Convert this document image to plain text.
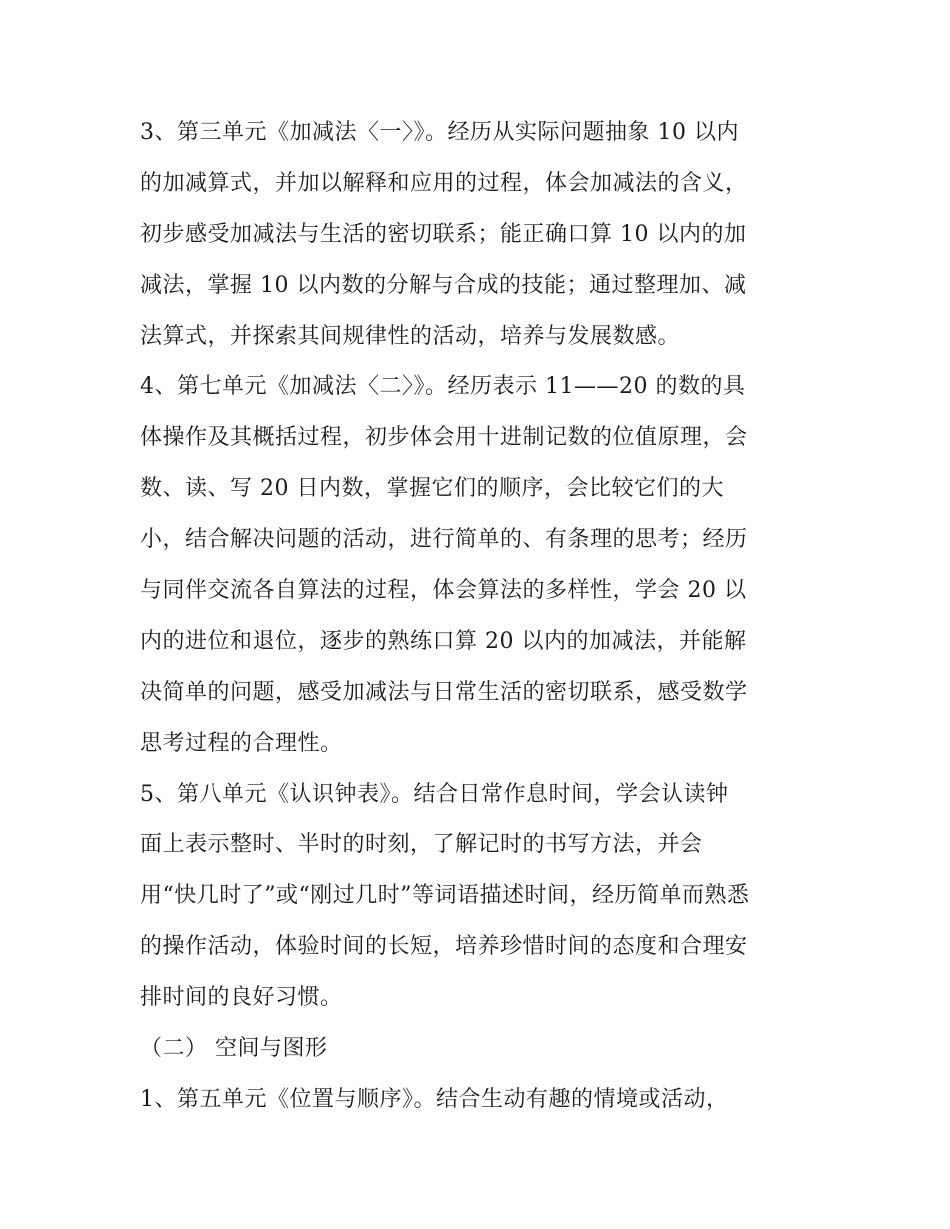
3、第三单元《加减法〈一〉》。经历从实际问题抽象 10 以内
的加减算式，并加以解释和应用的过程，体会加减法的含义，
初步感受加减法与生活的密切联系；能正确口算 10 以内的加
减法，掌握 10 以内数的分解与合成的技能；通过整理加、减
法算式，并探索其间规律性的活动，培养与发展数感。
4、第七单元《加减法〈二〉》。经历表示 11——20 的数的具
体操作及其概括过程，初步体会用十进制记数的位值原理，会
数、读、写 20 日内数，掌握它们的顺序，会比较它们的大
小，结合解决问题的活动，进行简单的、有条理的思考；经历
与同伴交流各自算法的过程，体会算法的多样性，学会 20 以
内的进位和退位，逐步的熟练口算 20 以内的加减法，并能解
决简单的问题，感受加减法与日常生活的密切联系，感受数学
思考过程的合理性。
5、第八单元《认识钟表》。结合日常作息时间，学会认读钟
面上表示整时、半时的时刻，了解记时的书写方法，并会
用“快几时了”或“刚过几时”等词语描述时间，经历简单而熟悉
的操作活动，体验时间的长短，培养珍惜时间的态度和合理安
排时间的良好习惯。
（二） 空间与图形
1、第五单元《位置与顺序》。结合生动有趣的情境或活动，
